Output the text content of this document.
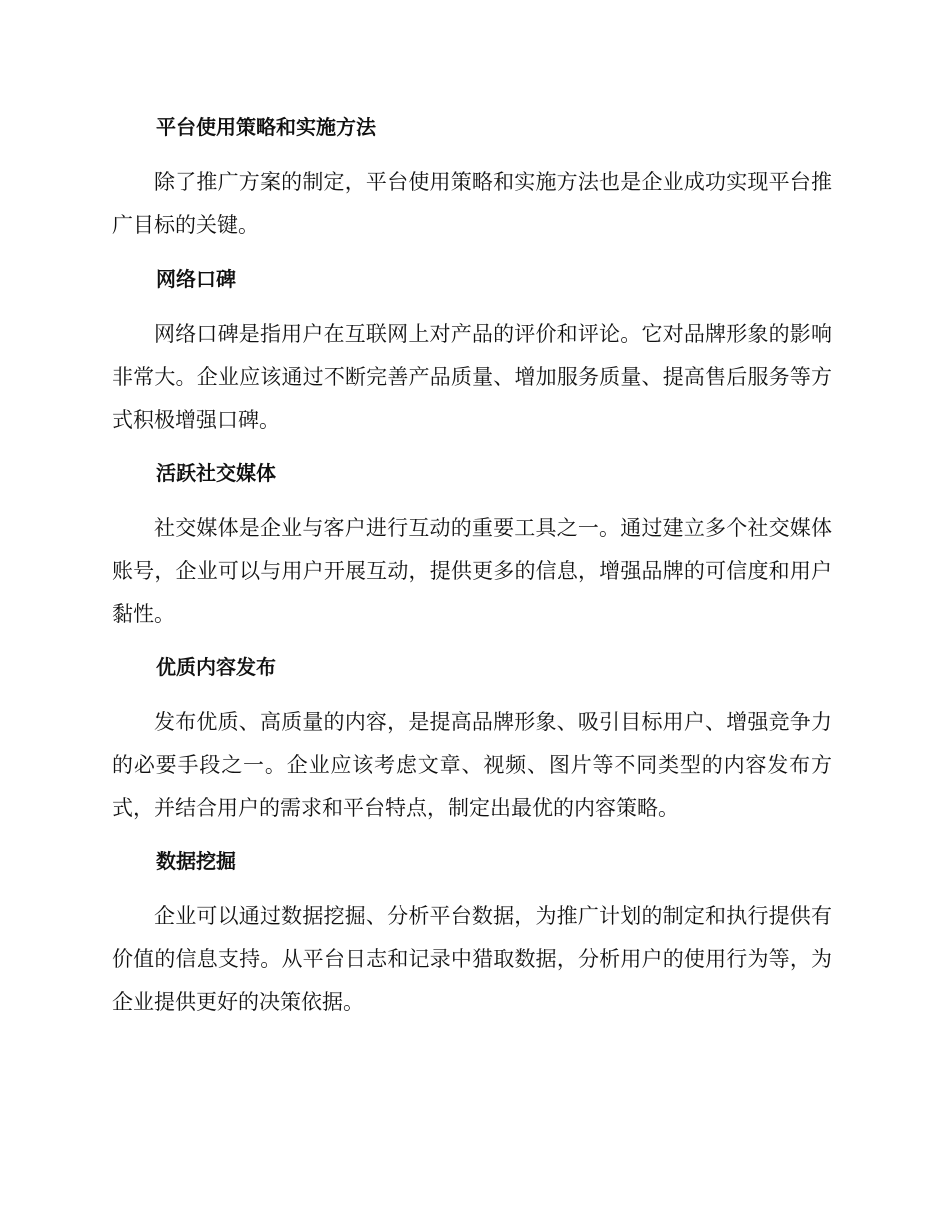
平台使用策略和实施方法

除了推广方案的制定，平台使用策略和实施方法也是企业成功实现平台推广目标的关键。

网络口碑

网络口碑是指用户在互联网上对产品的评价和评论。它对品牌形象的影响非常大。企业应该通过不断完善产品质量、增加服务质量、提高售后服务等方式积极增强口碑。

活跃社交媒体

社交媒体是企业与客户进行互动的重要工具之一。通过建立多个社交媒体账号，企业可以与用户开展互动，提供更多的信息，增强品牌的可信度和用户黏性。

优质内容发布

发布优质、高质量的内容，是提高品牌形象、吸引目标用户、增强竞争力的必要手段之一。企业应该考虑文章、视频、图片等不同类型的内容发布方式，并结合用户的需求和平台特点，制定出最优的内容策略。

数据挖掘

企业可以通过数据挖掘、分析平台数据，为推广计划的制定和执行提供有价值的信息支持。从平台日志和记录中猎取数据，分析用户的使用行为等，为企业提供更好的决策依据。
